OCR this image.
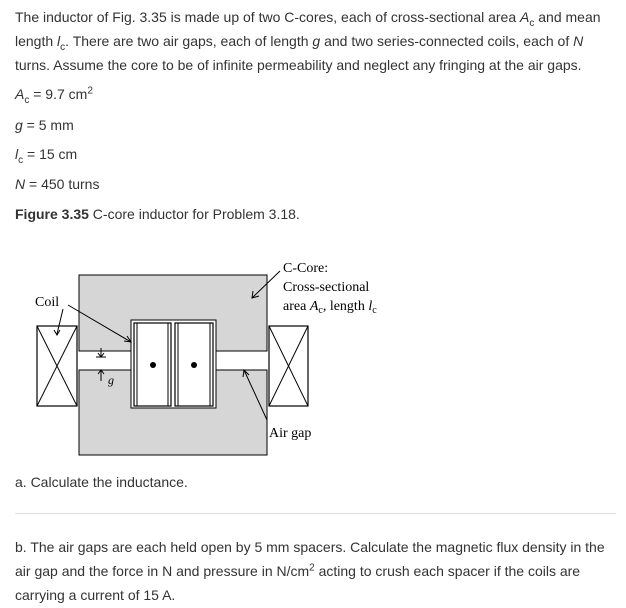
The inductor of Fig. 3.35 is made up of two C-cores, each of cross-sectional area $A_c$ and mean length $l_c$. There are two air gaps, each of length g and two series-connected coils, each of N turns. Assume the core to be of infinite permeability and neglect any fringing at the air gaps.
$A_c = 9.7$ $cm^2$
g = 5 mm
$l_c = 15$ cm
N = 450 turns
Figure 3.35 C-core inductor for Problem 3.18.
g
Coil
C-Core:
Cross-sectional
area $A_c$, length $l_c$
Air gap
a. Calculate the inductance.
b. The air gaps are each held open by 5 mm spacers. Calculate the magnetic flux density in the air gap and the force in N and pressure in $N/cm^2$ acting to crush each spacer if the coils are carrying a current of 15 A.
